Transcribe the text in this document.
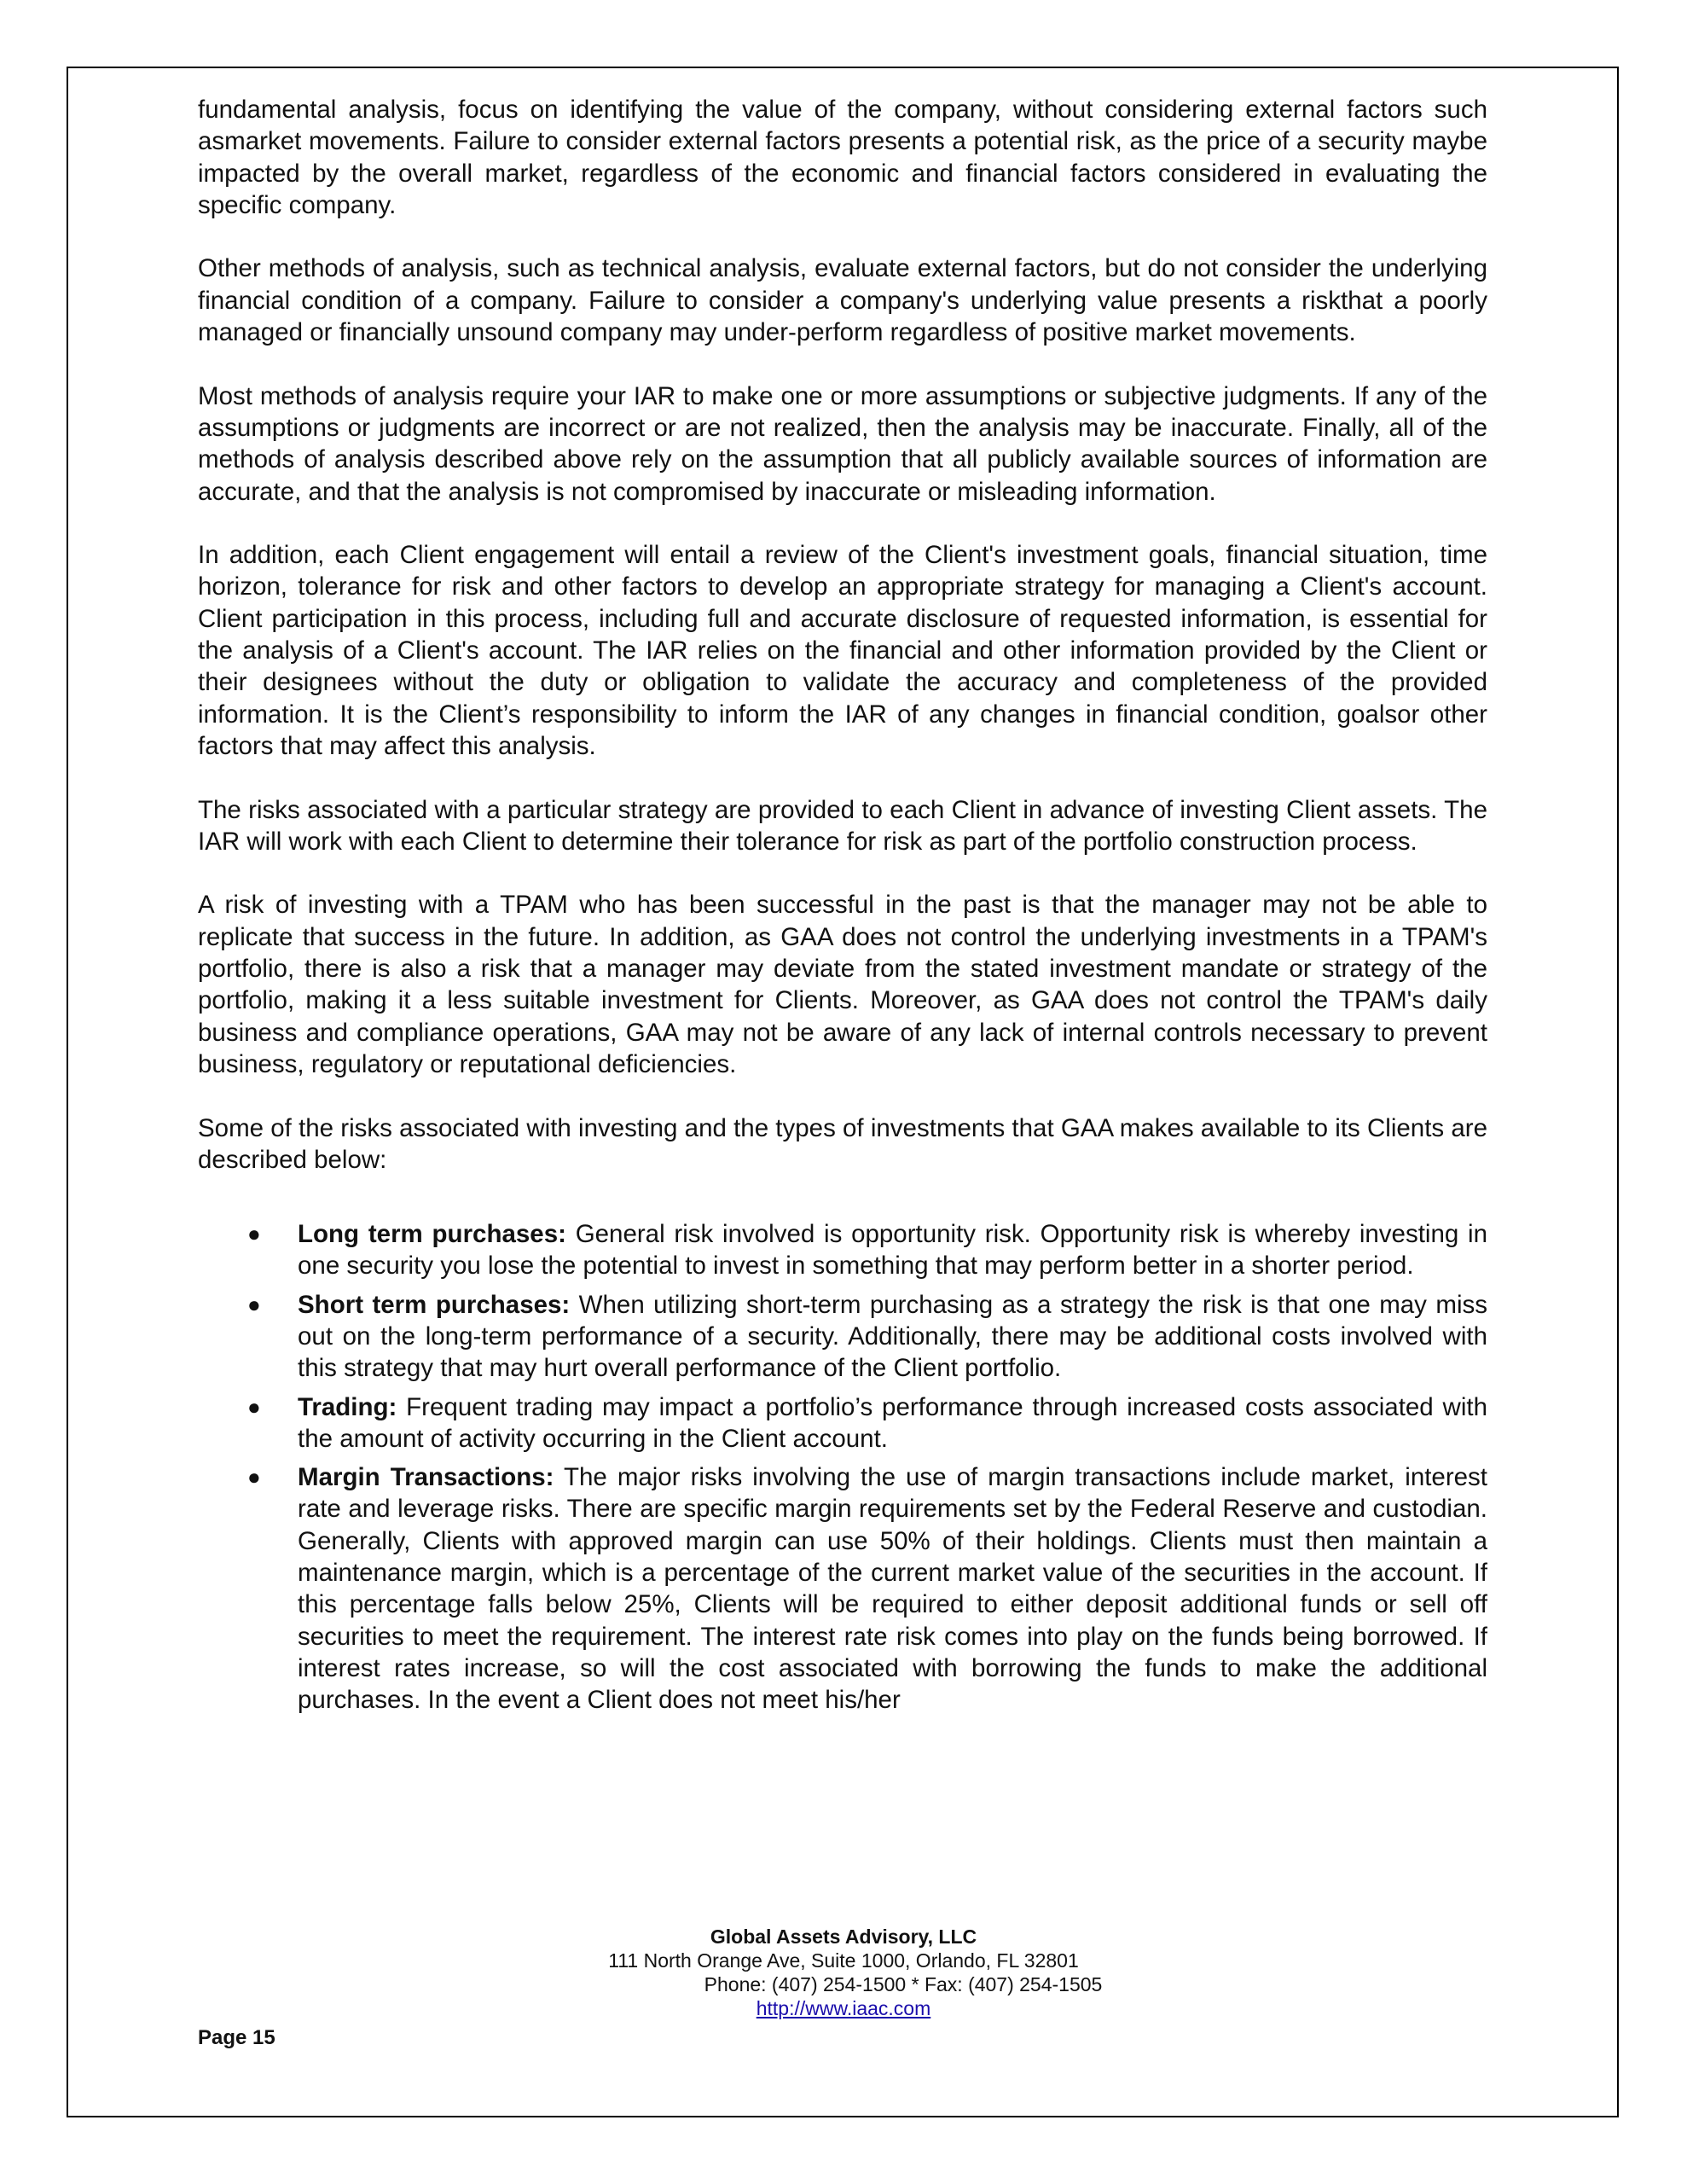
fundamental analysis, focus on identifying the value of the company, without considering external factors such asmarket movements. Failure to consider external factors presents a potential risk, as the price of a security maybe impacted by the overall market, regardless of the economic and financial factors considered in evaluating the specific company.

Other methods of analysis, such as technical analysis, evaluate external factors, but do not consider the underlying financial condition of a company. Failure to consider a company's underlying value presents a riskthat a poorly managed or financially unsound company may under-perform regardless of positive market movements.

Most methods of analysis require your IAR to make one or more assumptions or subjective judgments. If any of the assumptions or judgments are incorrect or are not realized, then the analysis may be inaccurate. Finally, all of the methods of analysis described above rely on the assumption that all publicly available sources of information are accurate, and that the analysis is not compromised by inaccurate or misleading information.

In addition, each Client engagement will entail a review of the Client's investment goals, financial situation, time horizon, tolerance for risk and other factors to develop an appropriate strategy for managing a Client's account. Client participation in this process, including full and accurate disclosure of requested information, is essential for the analysis of a Client's account. The IAR relies on the financial and other information provided by the Client or their designees without the duty or obligation to validate the accuracy and completeness of the provided information. It is the Client’s responsibility to inform the IAR of any changes in financial condition, goalsor other factors that may affect this analysis.

The risks associated with a particular strategy are provided to each Client in advance of investing Client assets. The IAR will work with each Client to determine their tolerance for risk as part of the portfolio construction process.

A risk of investing with a TPAM who has been successful in the past is that the manager may not be able to replicate that success in the future. In addition, as GAA does not control the underlying investments in a TPAM's portfolio, there is also a risk that a manager may deviate from the stated investment mandate or strategy of the portfolio, making it a less suitable investment for Clients. Moreover, as GAA does not control the TPAM's daily business and compliance operations, GAA may not be aware of any lack of internal controls necessary to prevent business, regulatory or reputational deficiencies.

Some of the risks associated with investing and the types of investments that GAA makes available to its Clients are described below:

● Long term purchases: General risk involved is opportunity risk. Opportunity risk is whereby investing in one security you lose the potential to invest in something that may perform better in a shorter period.
● Short term purchases: When utilizing short-term purchasing as a strategy the risk is that one may miss out on the long-term performance of a security. Additionally, there may be additional costs involved with this strategy that may hurt overall performance of the Client portfolio.
● Trading: Frequent trading may impact a portfolio’s performance through increased costs associated with the amount of activity occurring in the Client account.
● Margin Transactions: The major risks involving the use of margin transactions include market, interest rate and leverage risks. There are specific margin requirements set by the Federal Reserve and custodian. Generally, Clients with approved margin can use 50% of their holdings. Clients must then maintain a maintenance margin, which is a percentage of the current market value of the securities in the account. If this percentage falls below 25%, Clients will be required to either deposit additional funds or sell off securities to meet the requirement. The interest rate risk comes into play on the funds being borrowed. If interest rates increase, so will the cost associated with borrowing the funds to make the additional purchases. In the event a Client does not meet his/her
Global Assets Advisory, LLC
111 North Orange Ave, Suite 1000, Orlando, FL 32801
Phone: (407) 254-1500 * Fax: (407) 254-1505
http://www.iaac.com
Page 15
